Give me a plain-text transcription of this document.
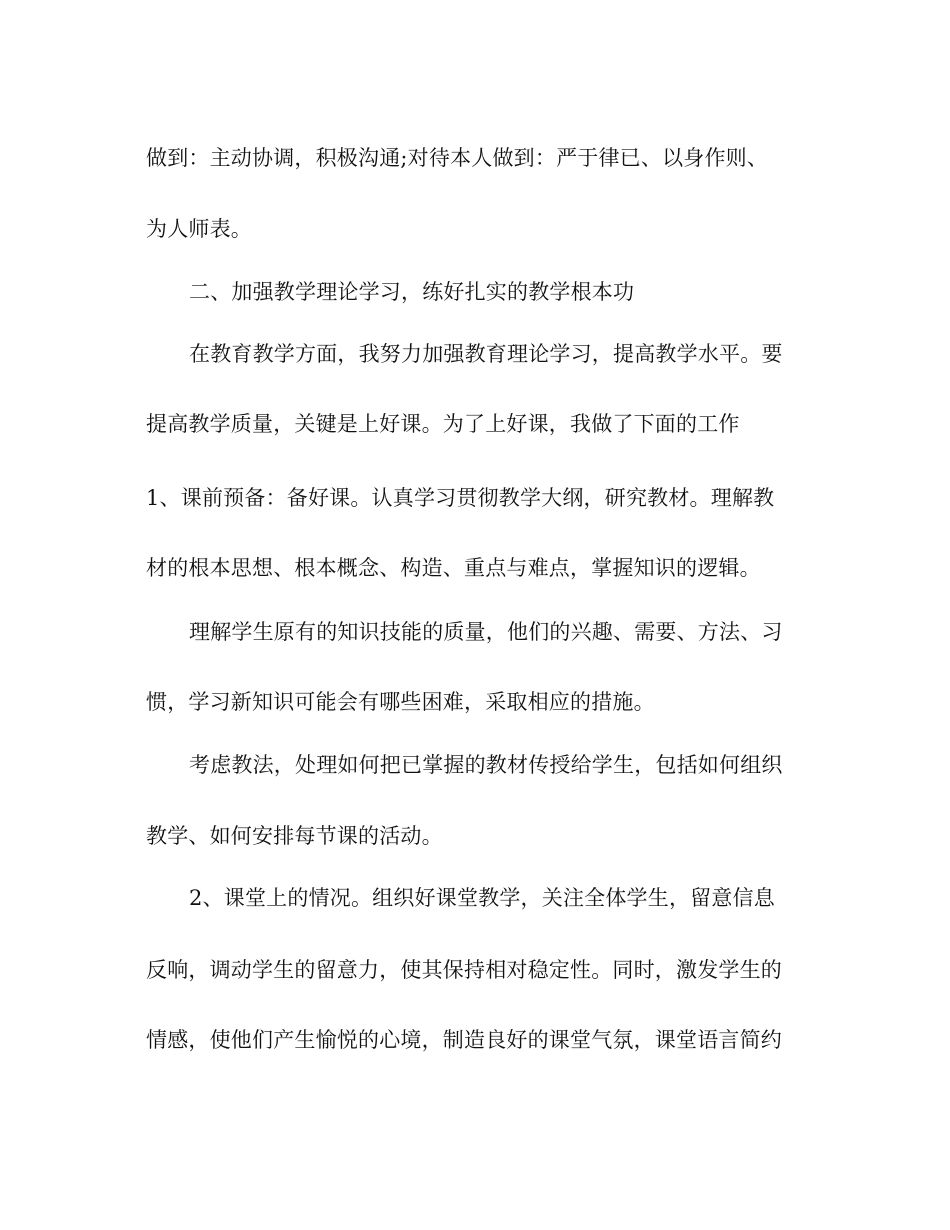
做到：主动协调，积极沟通;对待本人做到：严于律已、以身作则、
为人师表。
二、加强教学理论学习，练好扎实的教学根本功
在教育教学方面，我努力加强教育理论学习，提高教学水平。要
提高教学质量，关键是上好课。为了上好课，我做了下面的工作
1、课前预备：备好课。认真学习贯彻教学大纲，研究教材。理解教
材的根本思想、根本概念、构造、重点与难点，掌握知识的逻辑。
理解学生原有的知识技能的质量，他们的兴趣、需要、方法、习
惯，学习新知识可能会有哪些困难，采取相应的措施。
考虑教法，处理如何把已掌握的教材传授给学生，包括如何组织
教学、如何安排每节课的活动。
2、课堂上的情况。组织好课堂教学，关注全体学生，留意信息
反响，调动学生的留意力，使其保持相对稳定性。同时，激发学生的
情感，使他们产生愉悦的心境，制造良好的课堂气氛，课堂语言简约
